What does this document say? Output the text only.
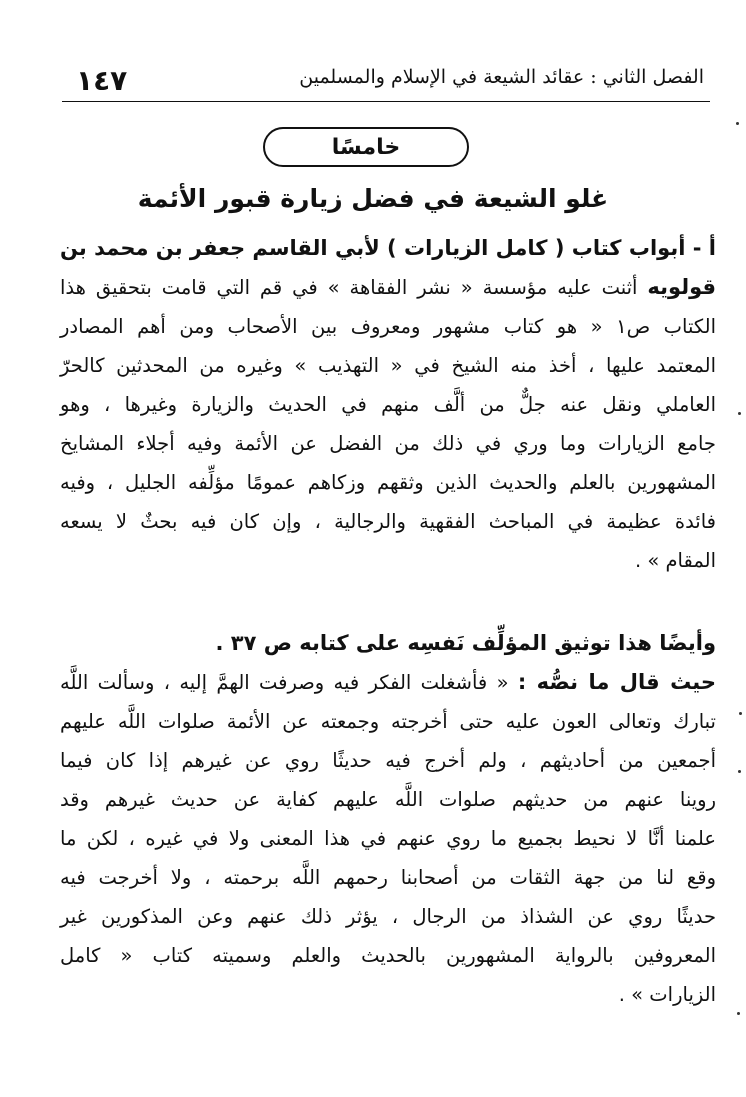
١٤٧	الفصل الثاني : عقائد الشيعة في الإسلام والمسلمين
خامسًا
غلو الشيعة في فضل زيارة قبور الأئمة
أ - أبواب كتاب ( كامل الزيارات ) لأبي القاسم جعفر بن محمد بن
قولويه أثنت عليه مؤسسة « نشر الفقاهة » في قم التي قامت بتحقيق هذا
الكتاب ص١ « هو كتاب مشهور ومعروف بين الأصحاب ومن أهم المصادر
المعتمد عليها ، أخذ منه الشيخ في « التهذيب » وغيره من المحدثين كالحرّ
العاملي ونقل عنه جلٌّ من ألَّف منهم في الحديث والزيارة وغيرها ، وهو
جامع الزيارات وما وري في ذلك من الفضل عن الأئمة وفيه أجلاء المشايخ
المشهورين بالعلم والحديث الذين وثقهم وزكاهم عمومًا مؤلِّفه الجليل ، وفيه
فائدة عظيمة في المباحث الفقهية والرجالية ، وإن كان فيه بحثٌ لا يسعه
المقام » .
وأيضًا هذا توثيق المؤلِّف نَفسِه على كتابه ص ٣٧ .
حيث قال ما نصُّه : « فأشغلت الفكر فيه وصرفت الهمَّ إليه ، وسألت اللَّه
تبارك وتعالى العون عليه حتى أخرجته وجمعته عن الأئمة صلوات اللَّه عليهم
أجمعين من أحاديثهم ، ولم أخرج فيه حديثًا روي عن غيرهم إذا كان فيما
روينا عنهم من حديثهم صلوات اللَّه عليهم كفاية عن حديث غيرهم وقد
علمنا أنَّا لا نحيط بجميع ما روي عنهم في هذا المعنى ولا في غيره ، لكن ما
وقع لنا من جهة الثقات من أصحابنا رحمهم اللَّه برحمته ، ولا أخرجت فيه
حديثًا روي عن الشذاذ من الرجال ، يؤثر ذلك عنهم وعن المذكورين غير
المعروفين بالرواية المشهورين بالحديث والعلم وسميته كتاب « كامل
الزيارات » .
